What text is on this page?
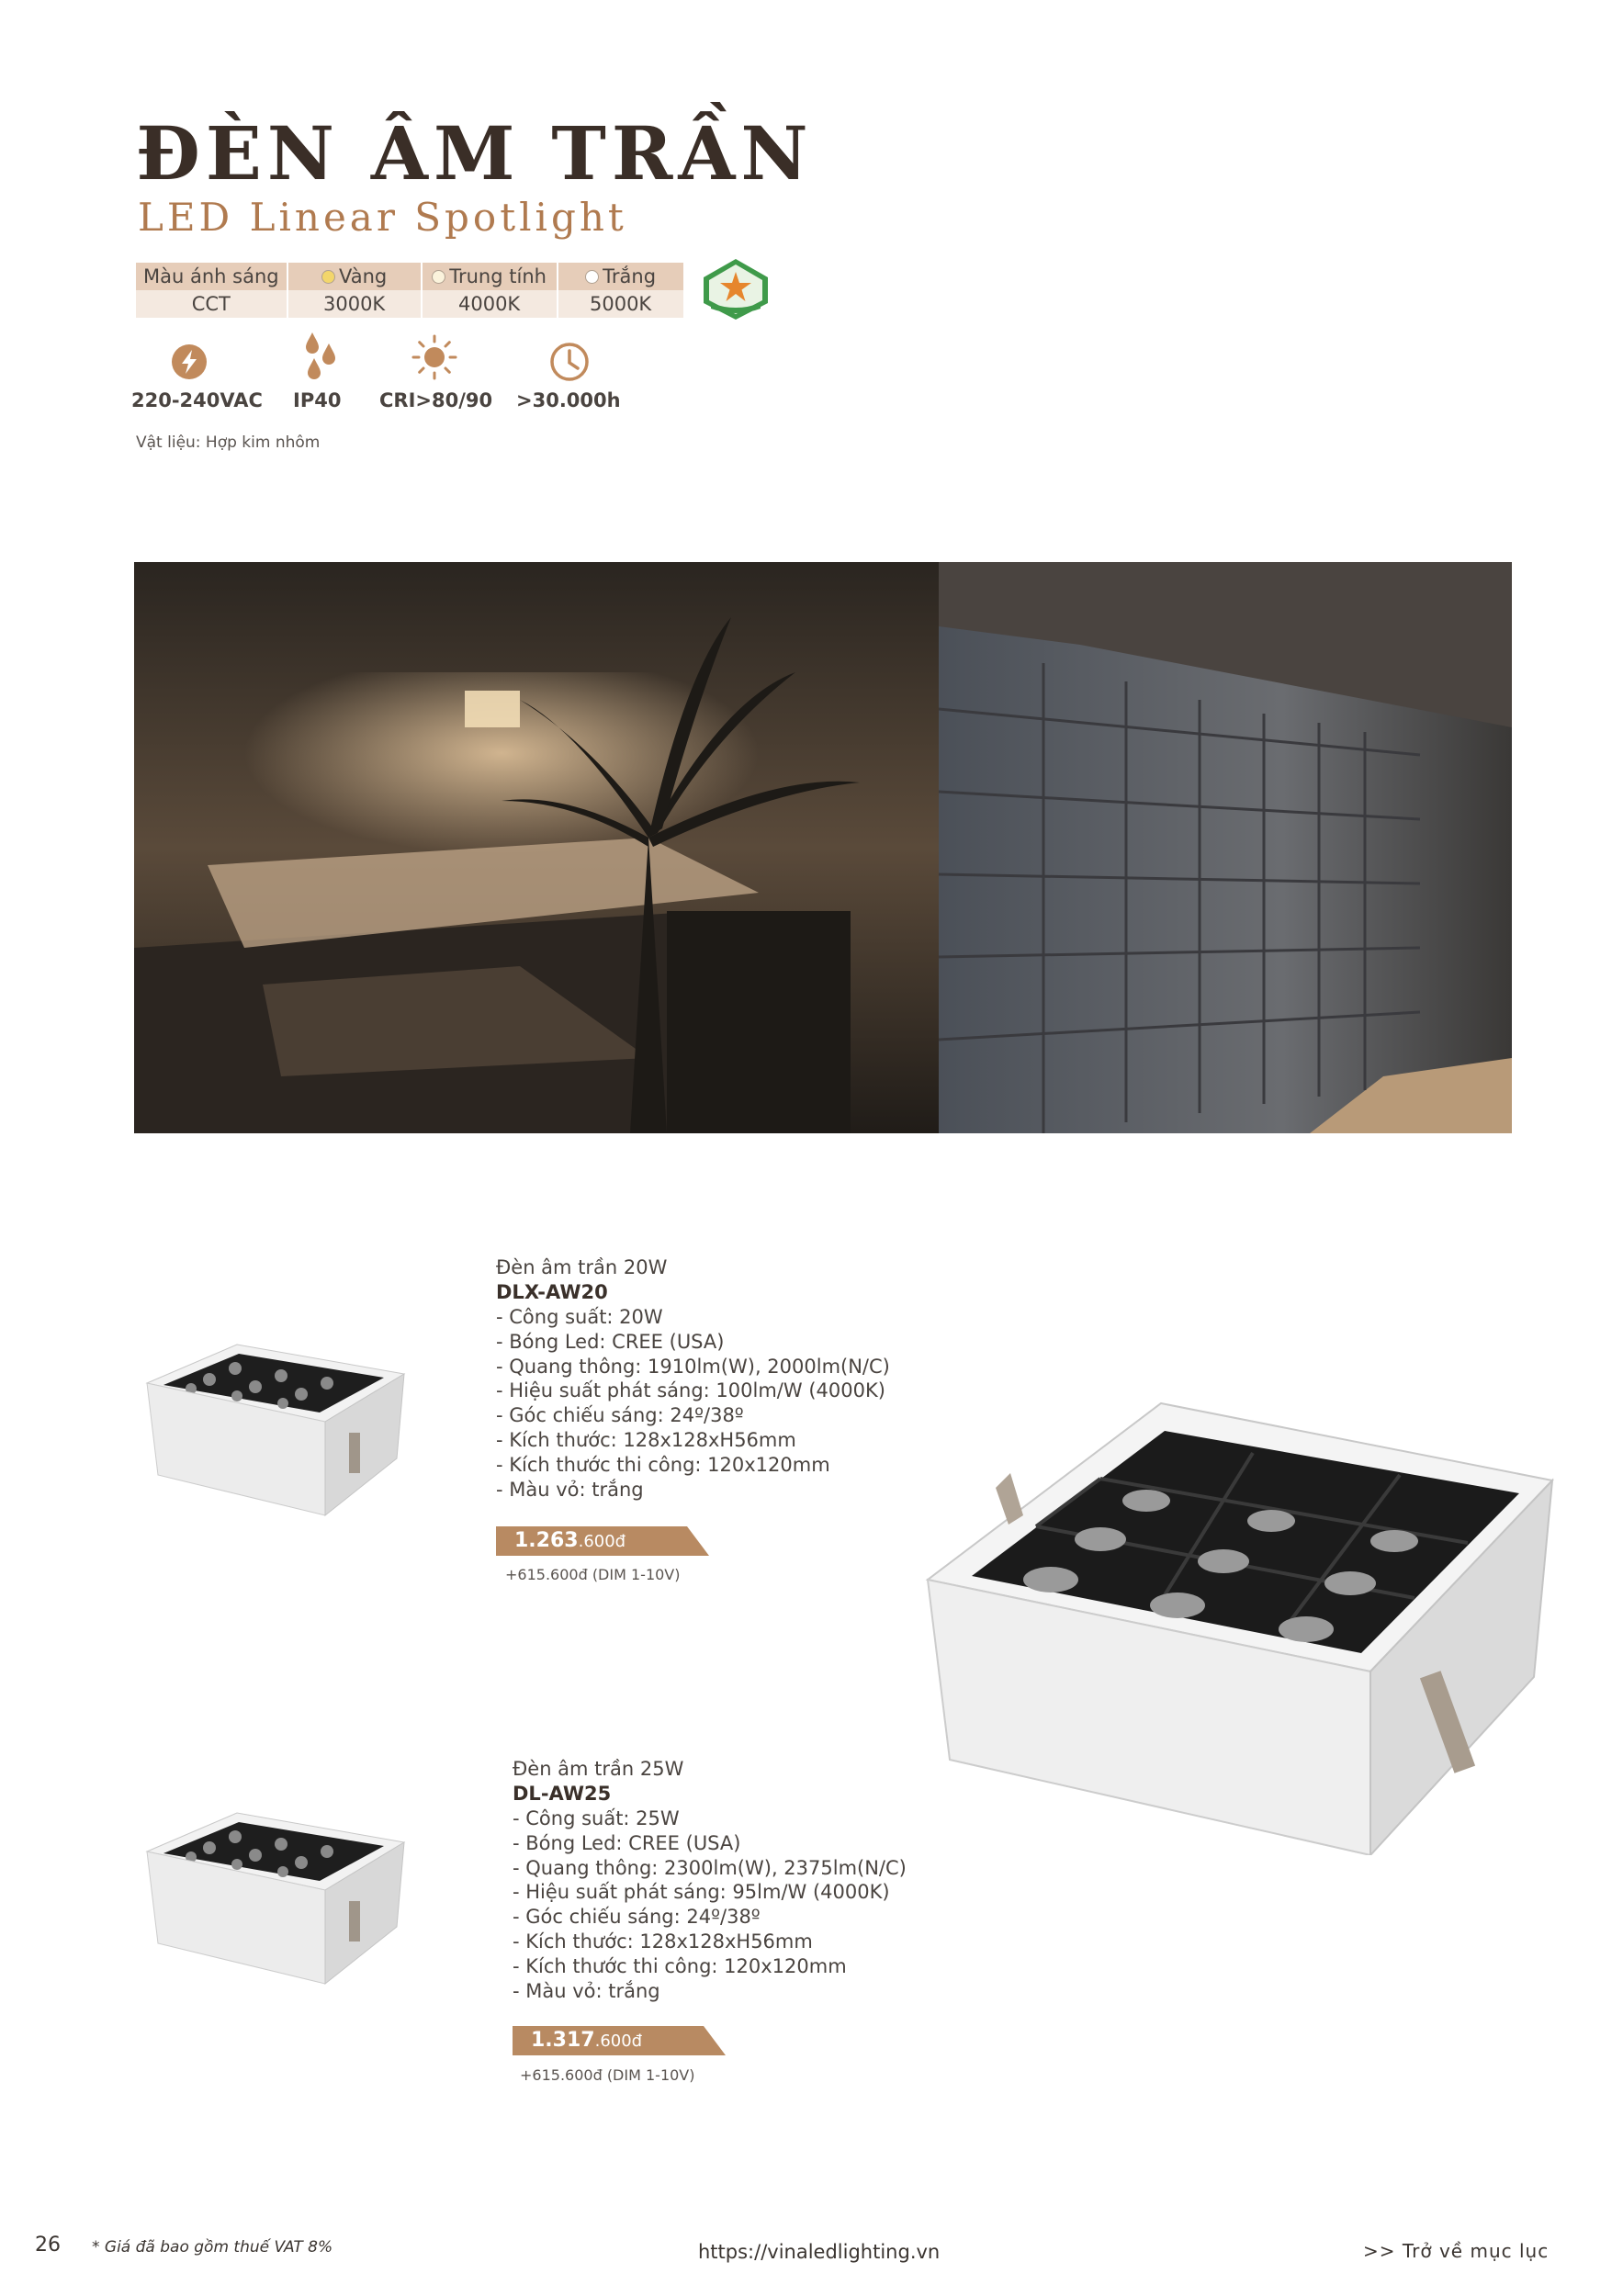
ĐÈN ÂM TRẦN
LED Linear Spotlight
Màu ánh sáng	Vàng	Trung tính	Trắng
CCT	3000K	4000K	5000K
220-240VAC IP40 CRI>80/90 >30.000h
Vật liệu: Hợp kim nhôm
Đèn âm trần 20W
DLX-AW20
- Công suất: 20W
- Bóng Led: CREE (USA)
- Quang thông: 1910lm(W), 2000lm(N/C)
- Hiệu suất phát sáng: 100lm/W (4000K)
- Góc chiếu sáng: 24º/38º
- Kích thước: 128x128xH56mm
- Kích thước thi công: 120x120mm
- Màu vỏ: trắng
1.263.600đ
+615.600đ (DIM 1-10V)
Đèn âm trần 25W
DL-AW25
- Công suất: 25W
- Bóng Led: CREE (USA)
- Quang thông: 2300lm(W), 2375lm(N/C)
- Hiệu suất phát sáng: 95lm/W (4000K)
- Góc chiếu sáng: 24º/38º
- Kích thước: 128x128xH56mm
- Kích thước thi công: 120x120mm
- Màu vỏ: trắng
1.317.600đ
+615.600đ (DIM 1-10V)
26 * Giá đã bao gồm thuế VAT 8%	https://vinaledlighting.vn	>> Trở về mục lục
